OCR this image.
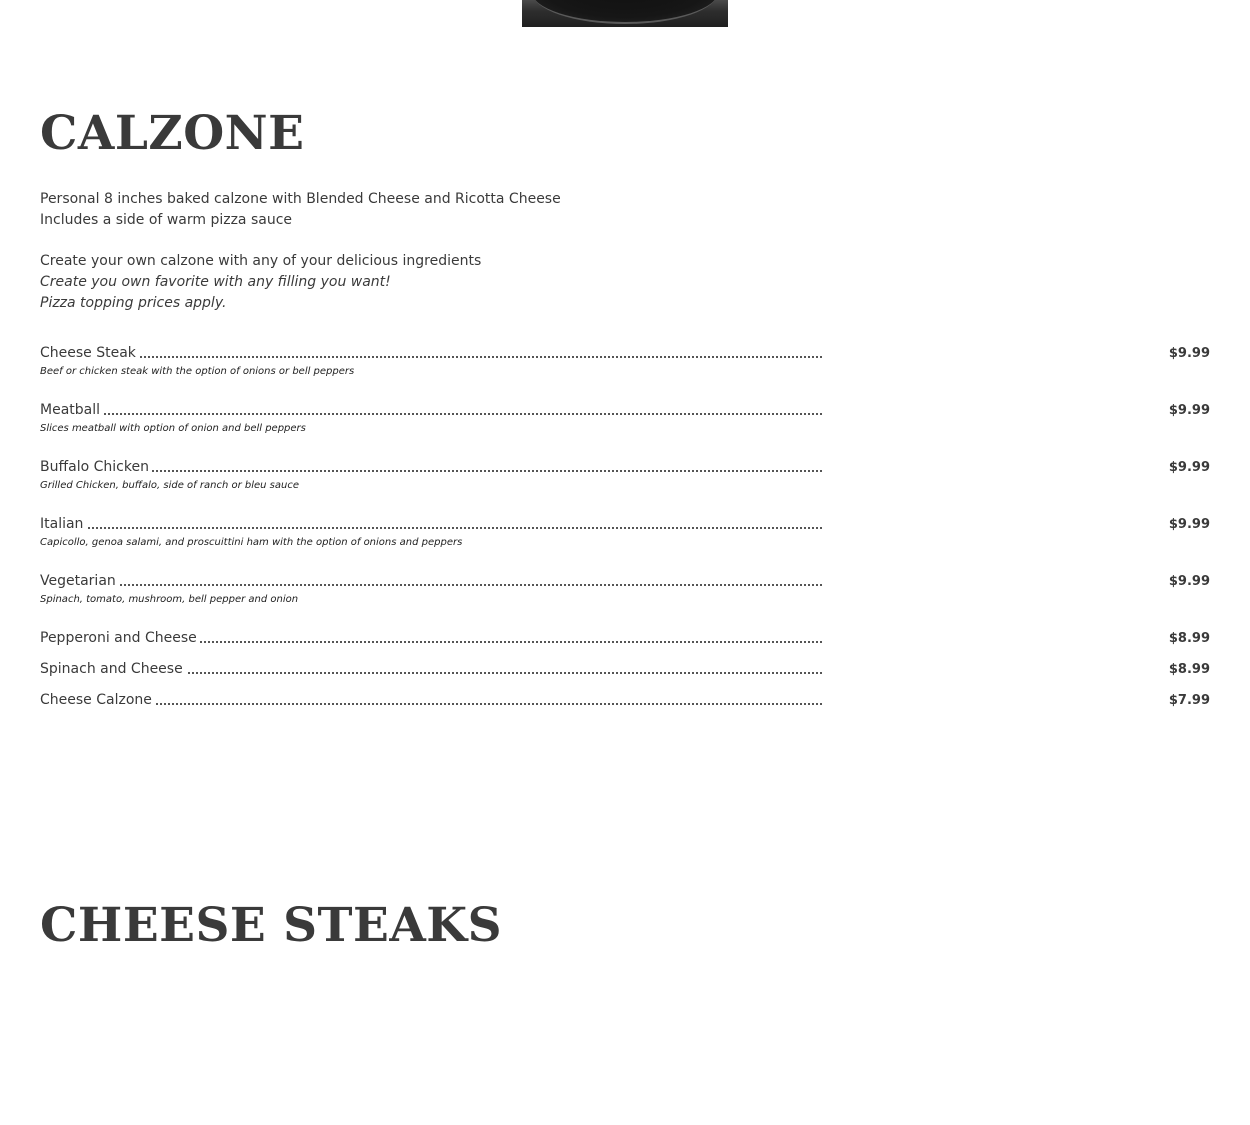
CALZONE
Personal 8 inches baked calzone with Blended Cheese and Ricotta Cheese
Includes a side of warm pizza sauce
Create your own calzone with any of your delicious ingredients
Create you own favorite with any filling you want!
Pizza topping prices apply.
Cheese Steak	$9.99
Beef or chicken steak with the option of onions or bell peppers
Meatball	$9.99
Slices meatball with option of onion and bell peppers
Buffalo Chicken	$9.99
Grilled Chicken, buffalo, side of ranch or bleu sauce
Italian	$9.99
Capicollo, genoa salami, and proscuittini ham with the option of onions and peppers
Vegetarian	$9.99
Spinach, tomato, mushroom, bell pepper and onion
Pepperoni and Cheese	$8.99
Spinach and Cheese	$8.99
Cheese Calzone	$7.99
CHEESE STEAKS
